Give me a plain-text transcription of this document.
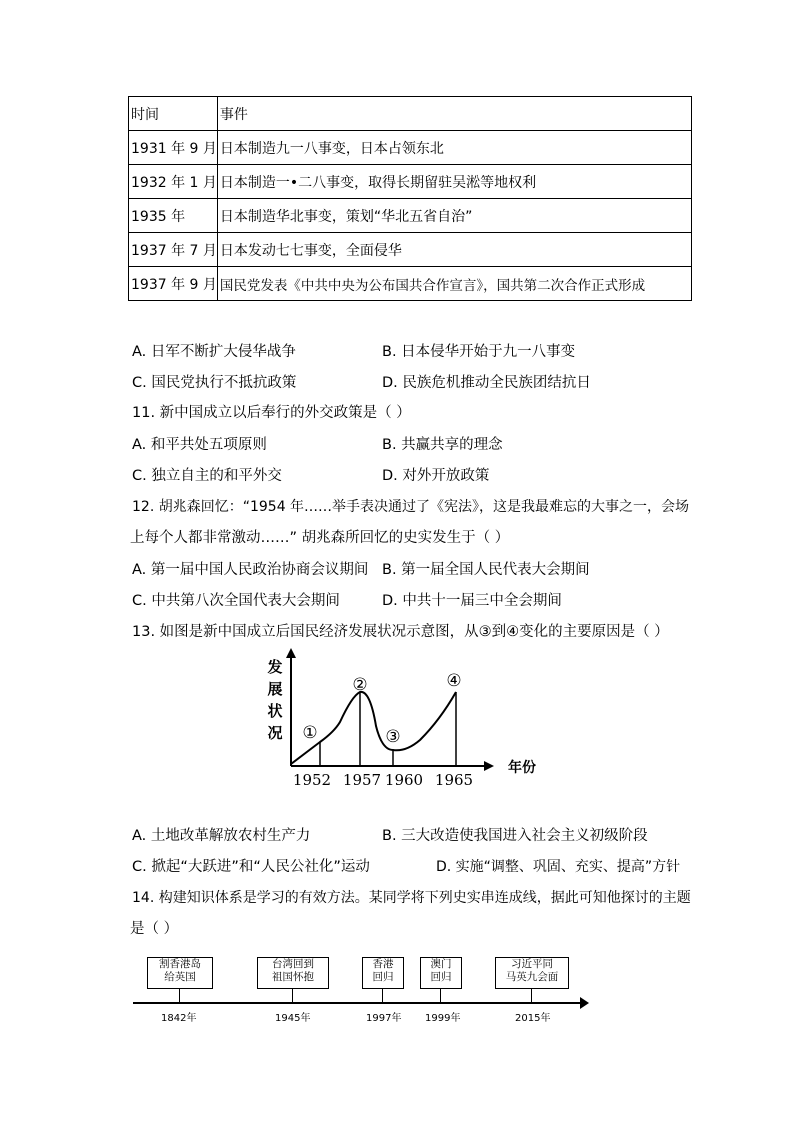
时间	事件
1931 年 9 月	日本制造九一八事变，日本占领东北
1932 年 1 月	日本制造一•二八事变，取得长期留驻吴淞等地权利
1935 年	日本制造华北事变，策划“华北五省自治”
1937 年 7 月	日本发动七七事变，全面侵华
1937 年 9 月	国民党发表《中共中央为公布国共合作宣言》，国共第二次合作正式形成
A. 日军不断扩大侵华战争	B. 日本侵华开始于九一八事变
C. 国民党执行不抵抗政策	D. 民族危机推动全民族团结抗日
11. 新中国成立以后奉行的外交政策是（ ）
A. 和平共处五项原则	B. 共赢共享的理念
C. 独立自主的和平外交	D. 对外开放政策
12. 胡兆森回忆：“1954 年……举手表决通过了《宪法》，这是我最难忘的大事之一，会场
上每个人都非常激动……” 胡兆森所回忆的史实发生于（ ）
A. 第一届中国人民政治协商会议期间 B. 第一届全国人民代表大会期间
C. 中共第八次全国代表大会期间	D. 中共十一届三中全会期间
13. 如图是新中国成立后国民经济发展状况示意图，从③到④变化的主要原因是（ ）
发
展
状
况 ①
②
③
④
1952 1957 1960 1965
年份
A. 土地改革解放农村生产力	B. 三大改造使我国进入社会主义初级阶段
C. 掀起“大跃进”和“人民公社化”运动	D. 实施“调整、巩固、充实、提高”方针
14. 构建知识体系是学习的有效方法。某同学将下列史实串连成线，据此可知他探讨的主题
是（ ）
割香港岛
给英国
台湾回到
祖国怀抱
香港
回归
澳门
回归
习近平同
马英九会面
1842年	1945年	1997年 1999年	2015年
